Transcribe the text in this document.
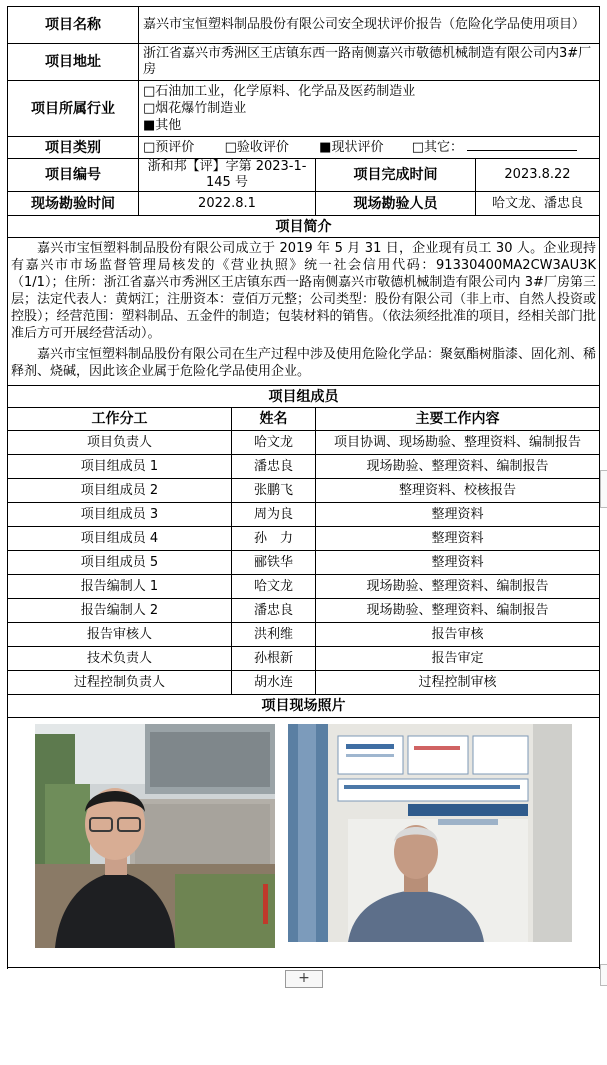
项目名称	嘉兴市宝恒塑料制品股份有限公司安全现状评价报告（危险化学品使用项目）			
项目地址	浙江省嘉兴市秀洲区王店镇东西一路南侧嘉兴市敬德机械制造有限公司内3#厂房			
项目所属行业	□石油加工业，化学原料、化学品及医药制造业
□烟花爆竹制造业
■其他			

项目类别	□预评价 □验收评价 ■现状评价 □其它：			
项目编号	浙和邦【评】字第 2023-1-145 号		项目完成时间	2023.8.22
现场勘验时间	2022.8.1		现场勘验人员	哈文龙、潘忠良
项目简介				

嘉兴市宝恒塑料制品股份有限公司成立于 2019 年 5 月 31 日，企业现有员工 30 人。企业现持有嘉兴市市场监督管理局核发的《营业执照》统一社会信用代码：91330400MA2CW3AU3K（1/1）；住所：浙江省嘉兴市秀洲区王店镇东西一路南侧嘉兴市敬德机械制造有限公司内 3#厂房第三层；法定代表人：黄炳江；注册资本：壹佰万元整；公司类型：股份有限公司（非上市、自然人投资或控股）；经营范围：塑料制品、五金件的制造；包装材料的销售。（依法须经批准的项目，经相关部门批准后方可开展经营活动）。

嘉兴市宝恒塑料制品股份有限公司在生产过程中涉及使用危险化学品：聚氨酯树脂漆、固化剂、稀释剂、烧碱，因此该企业属于危险化学品使用企业。				

项目组成员				
工作分工		姓名	主要工作内容	
项目负责人		哈文龙	项目协调、现场勘验、整理资料、编制报告	
项目组成员 1		潘忠良	现场勘验、整理资料、编制报告	
项目组成员 2		张鹏飞	整理资料、校核报告	
项目组成员 3		周为良	整理资料	
项目组成员 4		孙　力	整理资料	
项目组成员 5		郦铁华	整理资料	
报告编制人 1		哈文龙	现场勘验、整理资料、编制报告	
报告编制人 2		潘忠良	现场勘验、整理资料、编制报告	
报告审核人		洪利维	报告审核	
技术负责人		孙根新	报告审定	
过程控制负责人		胡水连	过程控制审核	
项目现场照片				

+
